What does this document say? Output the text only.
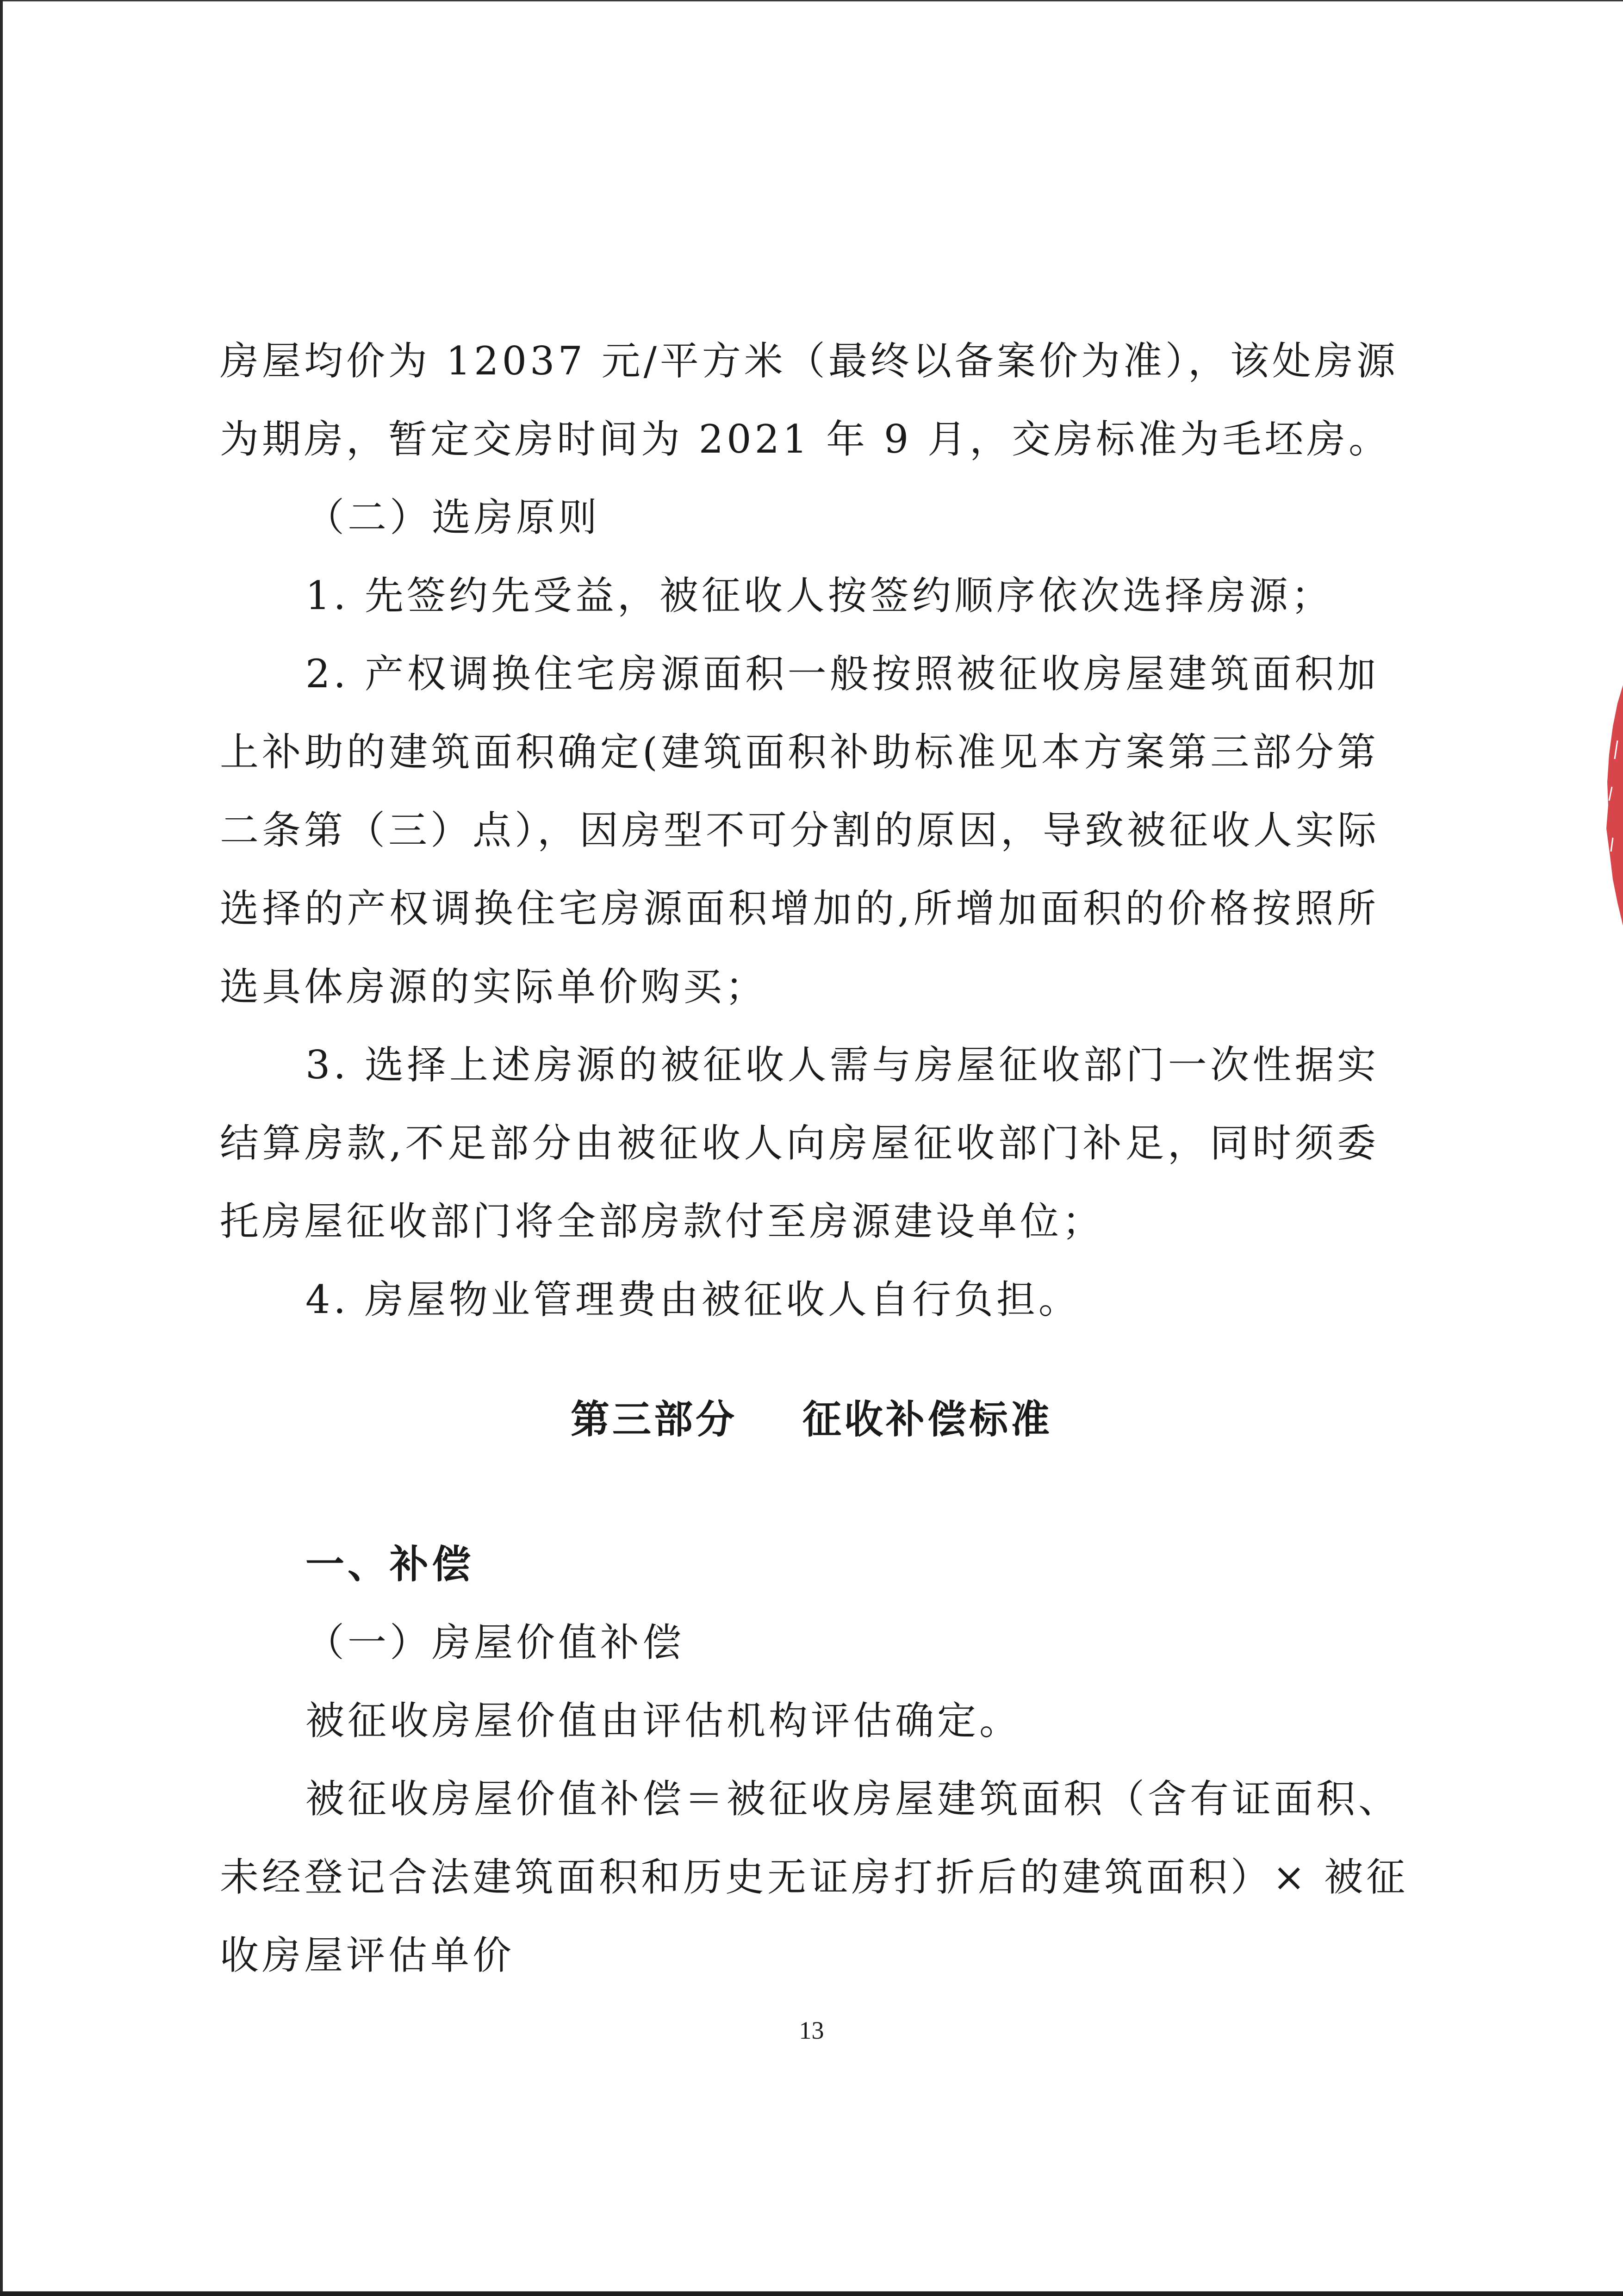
房屋均价为 12037 元/平方米（最终以备案价为准），该处房源
为期房，暂定交房时间为 2021 年 9 月，交房标准为毛坯房。
（二）选房原则
1. 先签约先受益，被征收人按签约顺序依次选择房源；
2. 产权调换住宅房源面积一般按照被征收房屋建筑面积加
上补助的建筑面积确定(建筑面积补助标准见本方案第三部分第
二条第（三）点），因房型不可分割的原因，导致被征收人实际
选择的产权调换住宅房源面积增加的,所增加面积的价格按照所
选具体房源的实际单价购买；
3. 选择上述房源的被征收人需与房屋征收部门一次性据实
结算房款,不足部分由被征收人向房屋征收部门补足，同时须委
托房屋征收部门将全部房款付至房源建设单位；
4. 房屋物业管理费由被征收人自行负担。
第三部分    征收补偿标准
一、补偿
（一）房屋价值补偿
被征收房屋价值由评估机构评估确定。
被征收房屋价值补偿＝被征收房屋建筑面积（含有证面积、
未经登记合法建筑面积和历史无证房打折后的建筑面积）× 被征
收房屋评估单价
13
